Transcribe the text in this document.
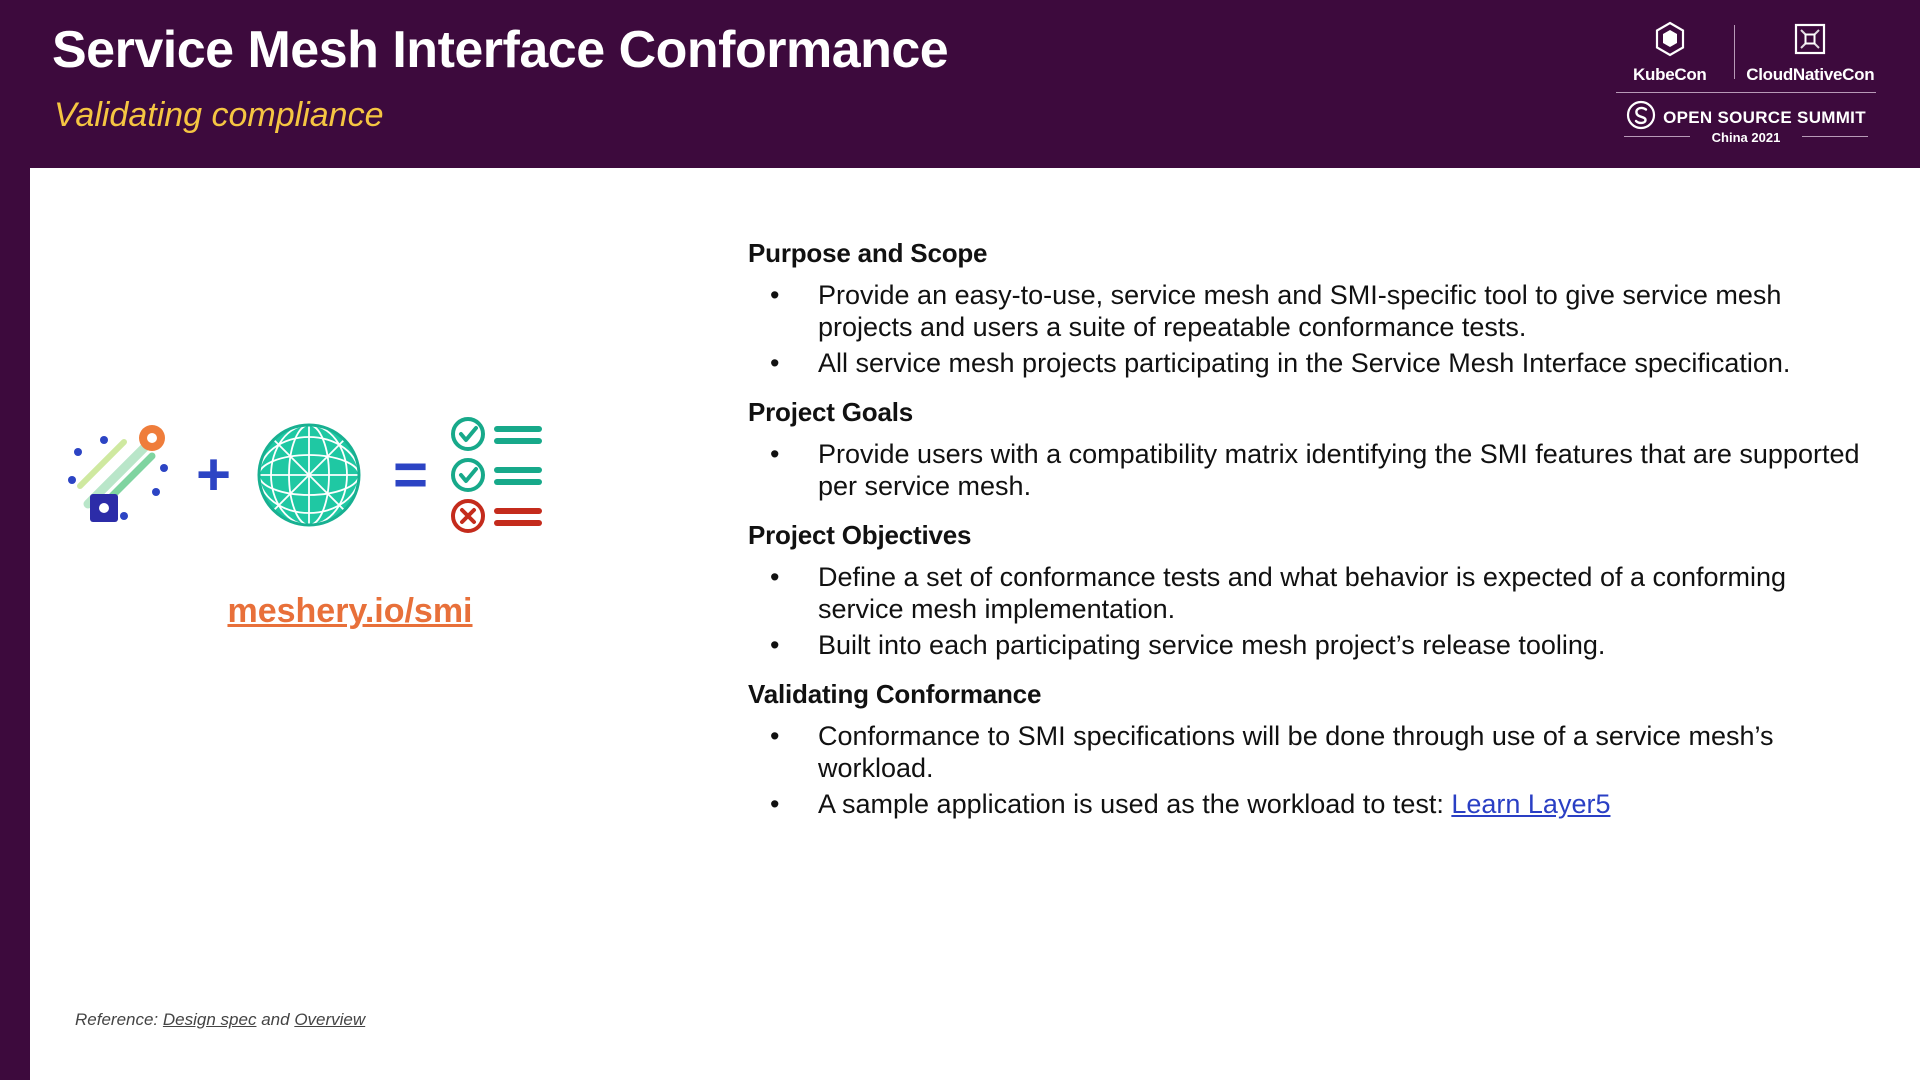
Service Mesh Interface Conformance
Validating compliance
KubeCon	CloudNativeCon
OPEN SOURCE SUMMIT
China 2021
+	=
meshery.io/smi
Reference: Design spec and Overview
Purpose and Scope
• Provide an easy-to-use, service mesh and SMI-specific tool to give service mesh projects and users a suite of repeatable conformance tests.
• All service mesh projects participating in the Service Mesh Interface specification.
Project Goals
• Provide users with a compatibility matrix identifying the SMI features that are supported per service mesh.
Project Objectives
• Define a set of conformance tests and what behavior is expected of a conforming service mesh implementation.
• Built into each participating service mesh project’s release tooling.
Validating Conformance
• Conformance to SMI specifications will be done through use of a service mesh’s workload.
• A sample application is used as the workload to test: Learn Layer5
